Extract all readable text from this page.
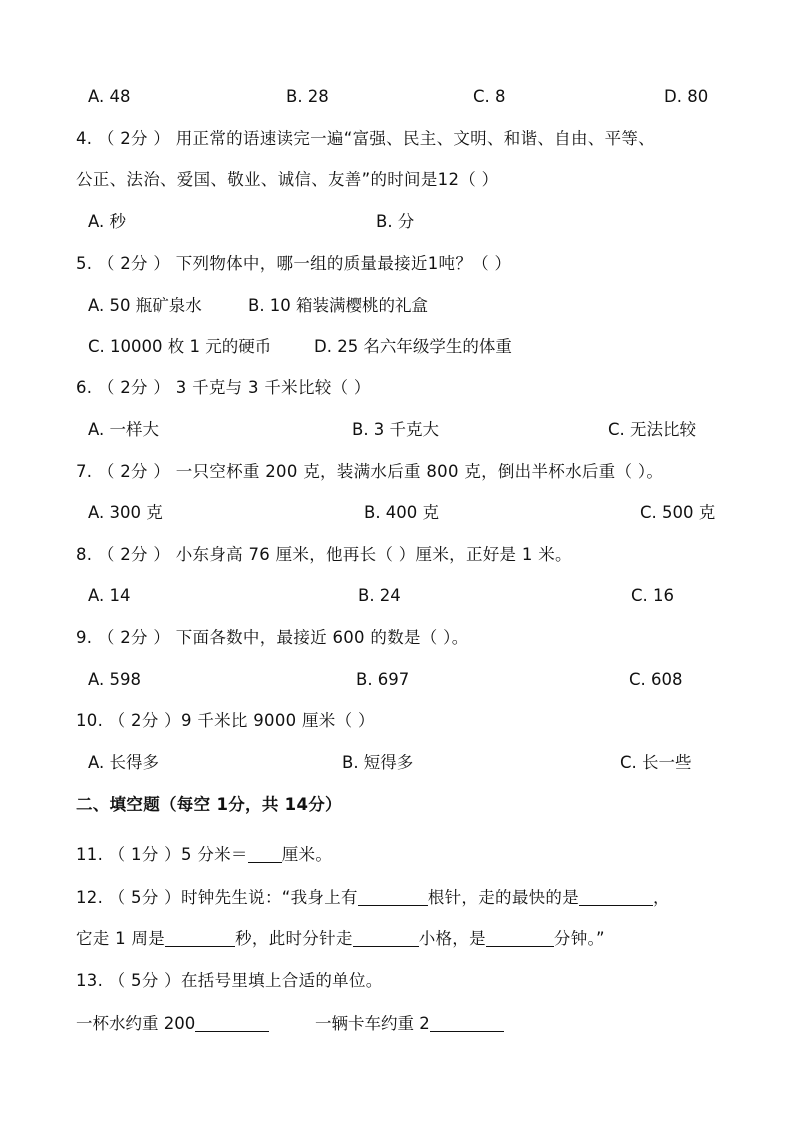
A. 48	B. 28	C. 8	D. 80
4. （ 2分 ） 用正常的语速读完一遍“富强、民主、文明、和谐、自由、平等、
公正、法治、爱国、敬业、诚信、友善”的时间是12（ ）
A. 秒	B. 分
5. （ 2分 ） 下列物体中，哪一组的质量最接近1吨？（ ）
A. 50 瓶矿泉水	B. 10 箱装满樱桃的礼盒
C. 10000 枚 1 元的硬币	D. 25 名六年级学生的体重
6. （ 2分 ） 3 千克与 3 千米比较（ ）
A. 一样大	B. 3 千克大	C. 无法比较
7. （ 2分 ） 一只空杯重 200 克，装满水后重 800 克，倒出半杯水后重（ ）。
A. 300 克	B. 400 克	C. 500 克
8. （ 2分 ） 小东身高 76 厘米，他再长（ ）厘米，正好是 1 米。
A. 14	B. 24	C. 16
9. （ 2分 ） 下面各数中，最接近 600 的数是（ ）。
A. 598	B. 697	C. 608
10. （ 2分 ）9 千米比 9000 厘米（ ）
A. 长得多	B. 短得多	C. 长一些
二、填空题（每空 1分，共 14分）
11. （ 1分 ）5 分米＝ 厘米。
12. （ 5分 ）时钟先生说：“我身上有	根针，走的最快的是	，
它走 1 周是	秒，此时分针走	小格，是	分钟。”
13. （ 5分 ）在括号里填上合适的单位。
一杯水约重 200	一辆卡车约重 2
